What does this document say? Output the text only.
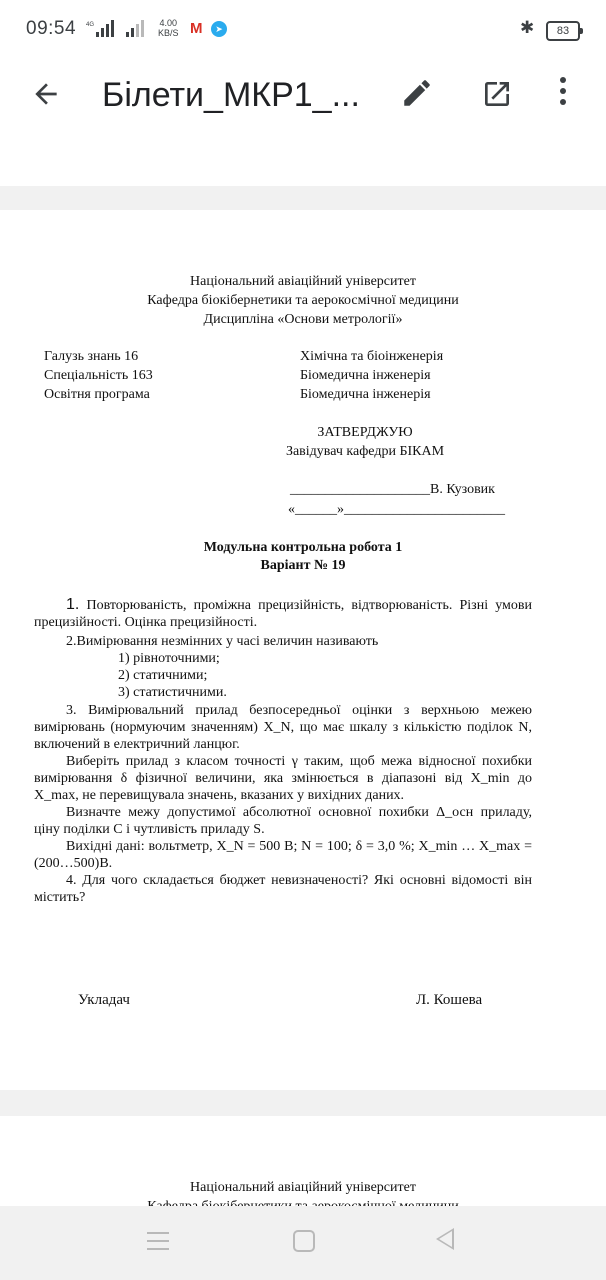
09:54 4G	4.00
KB/S M	➤	✱	83
Білети_МКР1_...
Національний авіаційний університет
Кафедра біокібернетики та аерокосмічної медицини
Дисципліна «Основи метрології»
Галузь знань 16	Хімічна та біоінженерія
Спеціальність 163	Біомедична інженерія
Освітня програма	Біомедична інженерія
ЗАТВЕРДЖУЮ
Завідувач кафедри БІКАМ
____________________В. Кузовик
«______»_______________________
Модульна контрольна робота 1
Варіант № 19
1. Повторюваність, проміжна прецизійність, відтворюваність. Різні умови прецизійності. Оцінка прецизійності.
2.Вимірювання незмінних у часі величин називають
1) рівноточними;
2) статичними;
3) статистичними.
3. Вимірювальний прилад безпосередньої оцінки з верхньою межею вимірювань (нормуючим значенням) X_N, що має шкалу з кількістю поділок N, включений в електричний ланцюг.
Виберіть прилад з класом точності γ таким, щоб межа відносної похибки вимірювання δ фізичної величини, яка змінюється в діапазоні від X_min до X_max, не перевищувала значень, вказаних у вихідних даних.
Визначте межу допустимої абсолютної основної похибки Δ_осн приладу, ціну поділки C і чутливість приладу S.
Вихідні дані: вольтметр, X_N = 500 В; N = 100; δ = 3,0 %; X_min … X_max = (200…500)В.
4. Для чого складається бюджет невизначеності? Які основні відомості він містить?
Укладач	Л. Кошева
Національний авіаційний університет
